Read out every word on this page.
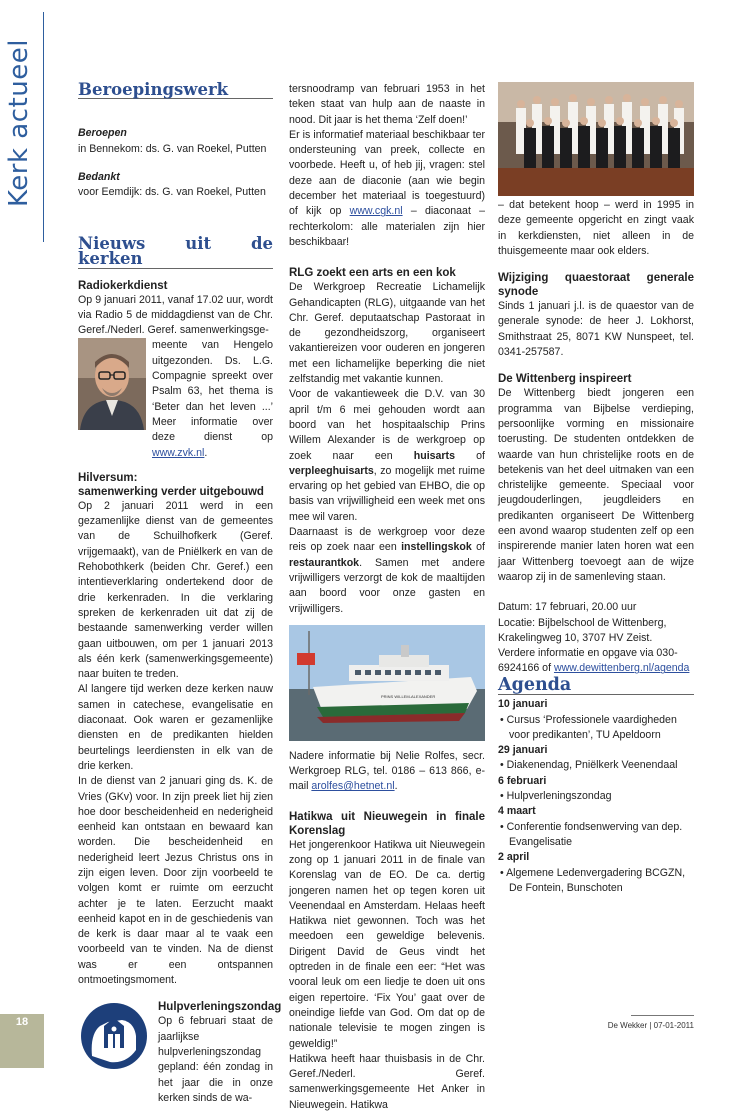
Kerk actueel	Beroepingswerk

Beroepen

in Bennekom: ds. G. van Roekel, Putten

Bedankt

voor Eemdijk: ds. G. van Roekel, Putten

Nieuws uit de kerken

Radiokerkdienst

Op 9 januari 2011, vanaf 17.02 uur, wordt via Radio 5 de middagdienst van de Chr. Geref./Nederl. Geref. samenwerkingsge-

meente van Hengelo uitgezonden. Ds. L.G. Compagnie spreekt over Psalm 63, het thema is ‘Beter dan het leven ...’ Meer informatie over deze dienst op www.zvk.nl.

Hilversum:
samenwerking verder uitgebouwd

Op 2 januari 2011 werd in een gezamenlijke dienst van de gemeentes van de Schuilhofkerk (Geref. vrijgemaakt), van de Pniëlkerk en van de Rehobothkerk (beiden Chr. Geref.) een intentieverklaring ondertekend door de drie kerkenraden. In die verklaring spreken de kerkenraden uit dat zij de bestaande samenwerking verder willen gaan uitbouwen, om per 1 januari 2013 als één kerk (samenwerkingsgemeente) naar buiten te treden.

Al langere tijd werken deze kerken nauw samen in catechese, evangelisatie en diaconaat. Ook waren er gezamenlijke diensten en de predikanten hielden beurtelings leerdiensten in elk van de drie kerken.

In de dienst van 2 januari ging ds. K. de Vries (GKv) voor. In zijn preek liet hij zien hoe door bescheidenheid en nederigheid eenheid kan ontstaan en bewaard kan worden. Die bescheidenheid en nederigheid leert Jezus Christus ons in zijn eigen leven. Door zijn voorbeeld te volgen komt er ruimte om eerzucht achter je te laten. Eerzucht maakt eenheid kapot en in de geschiedenis van de kerk is daar maar al te vaak een voorbeeld van te vinden. Na de dienst was er een ontspannen ontmoetingsmoment.

Hulpverleningszondag

Op 6 februari staat de jaarlijkse hulpverleningszondag gepland: één zondag in het jaar die in onze kerken sinds de wa-

tersnoodramp van februari 1953 in het teken staat van hulp aan de naaste in nood. Dit jaar is het thema ‘Zelf doen!’

Er is informatief materiaal beschikbaar ter ondersteuning van preek, collecte en voorbede. Heeft u, of heb jij, vragen: stel deze aan de diaconie (aan wie begin december het materiaal is toegestuurd) of kijk op www.cgk.nl – diaconaat – rechterkolom: alle materialen zijn hier beschikbaar!

RLG zoekt een arts en een kok

De Werkgroep Recreatie Lichamelijk Gehandicapten (RLG), uitgaande van het Chr. Geref. deputaatschap Pastoraat in de gezondheidszorg, organiseert vakantiereizen voor ouderen en jongeren met een lichamelijke beperking die niet zelfstandig met vakantie kunnen.

Voor de vakantieweek die D.V. van 30 april t/m 6 mei gehouden wordt aan boord van het hospitaalschip Prins Willem Alexander is de werkgroep op zoek naar een huisarts of verpleeghuisarts, zo mogelijk met ruime ervaring op het gebied van EHBO, die op basis van vrijwilligheid een week met ons mee wil varen.

Daarnaast is de werkgroep voor deze reis op zoek naar een instellingskok of restaurantkok. Samen met andere vrijwilligers verzorgt de kok de maaltijden aan boord voor onze gasten en vrijwilligers.

PRINS WILLEM-ALEXANDER

Nadere informatie bij Nelie Rolfes, secr. Werkgroep RLG, tel. 0186 – 613 866, e-mail arolfes@hetnet.nl.

Hatikwa uit Nieuwegein in finale Korenslag

Het jongerenkoor Hatikwa uit Nieuwegein zong op 1 januari 2011 in de finale van Korenslag van de EO. De ca. dertig jongeren namen het op tegen koren uit Veenendaal en Amsterdam. Helaas heeft Hatikwa niet gewonnen. Toch was het meedoen een geweldige belevenis. Dirigent David de Geus vindt het optreden in de finale een eer: “Het was vooral leuk om een liedje te doen uit ons eigen repertoire. ‘Fix You’ gaat over de oneindige liefde van God. Om dat op de nationale televisie te mogen zingen is geweldig!”

Hatikwa heeft haar thuisbasis in de Chr. Geref./Nederl. Geref. samenwerkingsgemeente Het Anker in Nieuwegein. Hatikwa

– dat betekent hoop – werd in 1995 in deze gemeente opgericht en zingt vaak in kerkdiensten, niet alleen in de thuisgemeente maar ook elders.

Wijziging quaestoraat generale synode

Sinds 1 januari j.l. is de quaestor van de generale synode: de heer J. Lokhorst, Smithstraat 25, 8071 KW Nunspeet, tel. 0341-257587.

De Wittenberg inspireert

De Wittenberg biedt jongeren een programma van Bijbelse verdieping, persoonlijke vorming en missionaire toerusting. De studenten ontdekken de waarde van hun christelijke roots en de betekenis van het deel uitmaken van een christelijke gemeente. Speciaal voor jeugdouderlingen, jeugdleiders en predikanten organiseert De Wittenberg een avond waarop studenten zelf op een inspirerende manier laten horen wat een jaar Wittenberg toevoegt aan de wijze waarop zij in de samenleving staan.

Datum: 17 februari, 20.00 uur

Locatie: Bijbelschool de Wittenberg, Krakelingweg 10, 3707 HV Zeist.

Verdere informatie en opgave via 030-6924166 of www.dewittenberg.nl/agenda

Agenda

10 januari

• Cursus ‘Professionele vaardigheden voor predikanten’, TU Apeldoorn

29 januari

• Diakenendag, Pniëlkerk Veenendaal

6 februari

• Hulpverleningszondag

4 maart

• Conferentie fondsenwerving van dep. Evangelisatie

2 april

• Algemene Ledenvergadering BCGZN, De Fontein, Bunschoten

18	De Wekker | 07-01-2011
